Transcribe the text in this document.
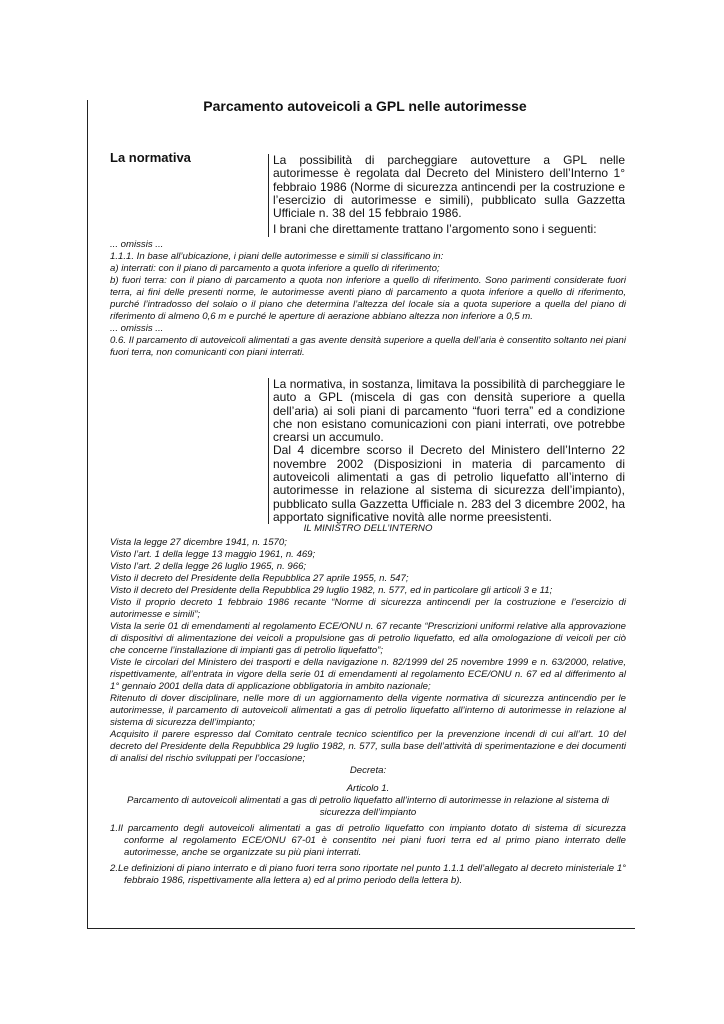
Parcamento autoveicoli a GPL nelle autorimesse
La normativa	La possibilità di parcheggiare autovetture a GPL nelle autorimesse è regolata dal Decreto del Ministero dell’Interno 1° febbraio 1986 (Norme di sicurezza antincendi per la costruzione e l’esercizio di autorimesse e simili), pubblicato sulla Gazzetta Ufficiale n. 38 del 15 febbraio 1986.

I brani che direttamente trattano l’argomento sono i seguenti:

... omissis ...

1.1.1. In base all’ubicazione, i piani delle autorimesse e simili si classificano in:

a) interrati: con il piano di parcamento a quota inferiore a quello di riferimento;

b) fuori terra: con il piano di parcamento a quota non inferiore a quello di riferimento. Sono parimenti considerate fuori terra, ai fini delle presenti norme, le autorimesse aventi piano di parcamento a quota inferiore a quello di riferimento, purché l’intradosso del solaio o il piano che determina l’altezza del locale sia a quota superiore a quella del piano di riferimento di almeno 0,6 m e purché le aperture di aerazione abbiano altezza non inferiore a 0,5 m.

... omissis ...

0.6. Il parcamento di autoveicoli alimentati a gas avente densità superiore a quella dell’aria è consentito soltanto nei piani fuori terra, non comunicanti con piani interrati.

La normativa, in sostanza, limitava la possibilità di parcheggiare le auto a GPL (miscela di gas con densità superiore a quella dell’aria) ai soli piani di parcamento “fuori terra” ed a condizione che non esistano comunicazioni con piani interrati, ove potrebbe crearsi un accumulo.

Dal 4 dicembre scorso il Decreto del Ministero dell’Interno 22 novembre 2002 (Disposizioni in materia di parcamento di autoveicoli alimentati a gas di petrolio liquefatto all’interno di autorimesse in relazione al sistema di sicurezza dell’impianto), pubblicato sulla Gazzetta Ufficiale n. 283 del 3 dicembre 2002, ha apportato significative novità alle norme preesistenti.

IL MINISTRO DELL’INTERNO

Vista la legge 27 dicembre 1941, n. 1570;

Visto l’art. 1 della legge 13 maggio 1961, n. 469;

Visto l’art. 2 della legge 26 luglio 1965, n. 966;

Visto il decreto del Presidente della Repubblica 27 aprile 1955, n. 547;

Visto il decreto del Presidente della Repubblica 29 luglio 1982, n. 577, ed in particolare gli articoli 3 e 11;

Visto il proprio decreto 1 febbraio 1986 recante “Norme di sicurezza antincendi per la costruzione e l’esercizio di autorimesse e simili”;

Vista la serie 01 di emendamenti al regolamento ECE/ONU n. 67 recante “Prescrizioni uniformi relative alla approvazione di dispositivi di alimentazione dei veicoli a propulsione gas di petrolio liquefatto, ed alla omologazione di veicoli per ciò che concerne l’installazione di impianti gas di petrolio liquefatto”;

Viste le circolari del Ministero dei trasporti e della navigazione n. 82/1999 del 25 novembre 1999 e n. 63/2000, relative, rispettivamente, all’entrata in vigore della serie 01 di emendamenti al regolamento ECE/ONU n. 67 ed al differimento al 1° gennaio 2001 della data di applicazione obbligatoria in ambito nazionale;

Ritenuto di dover disciplinare, nelle more di un aggiornamento della vigente normativa di sicurezza antincendio per le autorimesse, il parcamento di autoveicoli alimentati a gas di petrolio liquefatto all’interno di autorimesse in relazione al sistema di sicurezza dell’impianto;

Acquisito il parere espresso dal Comitato centrale tecnico scientifico per la prevenzione incendi di cui all’art. 10 del decreto del Presidente della Repubblica 29 luglio 1982, n. 577, sulla base dell’attività di sperimentazione e dei documenti di analisi del rischio sviluppati per l’occasione;

Decreta:

Articolo 1.

Parcamento di autoveicoli alimentati a gas di petrolio liquefatto all’interno di autorimesse in relazione al sistema di sicurezza dell’impianto

1.Il parcamento degli autoveicoli alimentati a gas di petrolio liquefatto con impianto dotato di sistema di sicurezza conforme al regolamento ECE/ONU 67-01 è consentito nei piani fuori terra ed al primo piano interrato delle autorimesse, anche se organizzate su più piani interrati.

2.Le definizioni di piano interrato e di piano fuori terra sono riportate nel punto 1.1.1 dell’allegato al decreto ministeriale 1° febbraio 1986, rispettivamente alla lettera a) ed al primo periodo della lettera b).
